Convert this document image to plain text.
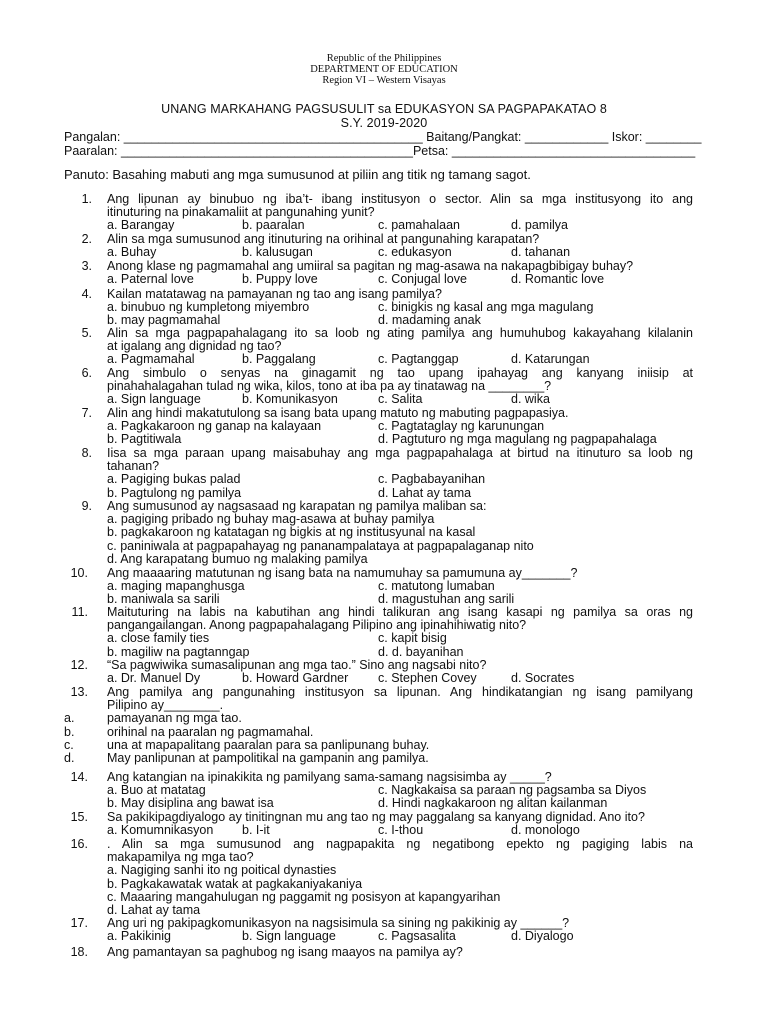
Republic of the Philippines
DEPARTMENT OF EDUCATION
Region VI – Western Visayas
UNANG MARKAHANG PAGSUSULIT sa EDUKASYON SA PAGPAPAKATAO 8
S.Y. 2019-2020
Pangalan: ___________________________________________ Baitang/Pangkat: ____________ Iskor: ________
Paaralan: __________________________________________Petsa: ___________________________________
Panuto: Basahing mabuti ang mga sumusunod at piliin ang titik ng tamang sagot.
1. Ang lipunan ay binubuo ng iba’t- ibang institusyon o sector. Alin sa mga institusyong ito ang
itinuturing na pinakamaliit at pangunahing yunit?
a. Barangay	b. paaralan	c. pamahalaan	d. pamilya
2. Alin sa mga sumusunod ang itinuturing na orihinal at pangunahing karapatan?
a. Buhay	b. kalusugan	c. edukasyon	d. tahanan
3. Anong klase ng pagmamahal ang umiiral sa pagitan ng mag-asawa na nakapagbibigay buhay?
a. Paternal love	b. Puppy love	c. Conjugal love	d. Romantic love
4. Kailan matatawag na pamayanan ng tao ang isang pamilya?
a. binubuo ng kumpletong miyembro	c. binigkis ng kasal ang mga magulang
b. may pagmamahal	d. madaming anak
5. Alin sa mga pagpapahalagang ito sa loob ng ating pamilya ang humuhubog kakayahang kilalanin
at igalang ang dignidad ng tao?
a. Pagmamahal	b. Paggalang	c. Pagtanggap	d. Katarungan
6. Ang simbulo o senyas na ginagamit ng tao upang ipahayag ang kanyang iniisip at
pinahahalagahan tulad ng wika, kilos, tono at iba pa ay tinatawag na ________?
a. Sign language	b. Komunikasyon	c. Salita	d. wika
7. Alin ang hindi makatutulong sa isang bata upang matuto ng mabuting pagpapasiya.
a. Pagkakaroon ng ganap na kalayaan	c. Pagtataglay ng karunungan
b. Pagtitiwala	d. Pagtuturo ng mga magulang ng pagpapahalaga
8. Iisa sa mga paraan upang maisabuhay ang mga pagpapahalaga at birtud na itinuturo sa loob ng
tahanan?
a. Pagiging bukas palad	c. Pagbabayanihan
b. Pagtulong ng pamilya	d. Lahat ay tama
9. Ang sumusunod ay nagsasaad ng karapatan ng pamilya maliban sa:
a. pagiging pribado ng buhay mag-asawa at buhay pamilya
b. pagkakaroon ng katatagan ng bigkis at ng institusyunal na kasal
c. paniniwala at pagpapahayag ng pananampalataya at pagpapalaganap nito
d. Ang karapatang bumuo ng malaking pamilya
10. Ang maaaaring matutunan ng isang bata na namumuhay sa pamumuna ay_______?
a. maging mapanghusga	c. matutong lumaban
b. maniwala sa sarili	d. magustuhan ang sarili
11. Maituturing na labis na kabutihan ang hindi talikuran ang isang kasapi ng pamilya sa oras ng
pangangailangan. Anong pagpapahalagang Pilipino ang ipinahihiwatig nito?
a. close family ties	c. kapit bisig
b. magiliw na pagtanngap	d. d. bayanihan
12. “Sa pagwiwika sumasalipunan ang mga tao.” Sino ang nagsabi nito?
a. Dr. Manuel Dy	b. Howard Gardner c. Stephen Covey	d. Socrates
13. Ang pamilya ang pangunahing institusyon sa lipunan. Ang hindikatangian ng isang pamilyang
Pilipino ay________.
a.	pamayanan ng mga tao.
b.	orihinal na paaralan ng pagmamahal.
c.	una at mapapalitang paaralan para sa panlipunang buhay.
d.	May panlipunan at pampolitikal na gampanin ang pamilya.
14. Ang katangian na ipinakikita ng pamilyang sama-samang nagsisimba ay _____?
a. Buo at matatag	c. Nagkakaisa sa paraan ng pagsamba sa Diyos
b. May disiplina ang bawat isa	d. Hindi nagkakaroon ng alitan kailanman
15. Sa pakikipagdiyalogo ay tinitingnan mu ang tao ng may paggalang sa kanyang dignidad. Ano ito?
a. Komumnikasyon b. I-it	c. I-thou	d. monologo
16. . Alin sa mga sumusunod ang nagpapakita ng negatibong epekto ng pagiging labis na
makapamilya ng mga tao?
a. Nagiging sanhi ito ng poitical dynasties
b. Pagkakawatak watak at pagkakaniyakaniya
c. Maaaring mangahulugan ng paggamit ng posisyon at kapangyarihan
d. Lahat ay tama
17. Ang uri ng pakipagkomunikasyon na nagsisimula sa sining ng pakikinig ay ______?
a. Pakikinig	b. Sign language	c. Pagsasalita	d. Diyalogo
18. Ang pamantayan sa paghubog ng isang maayos na pamilya ay?
